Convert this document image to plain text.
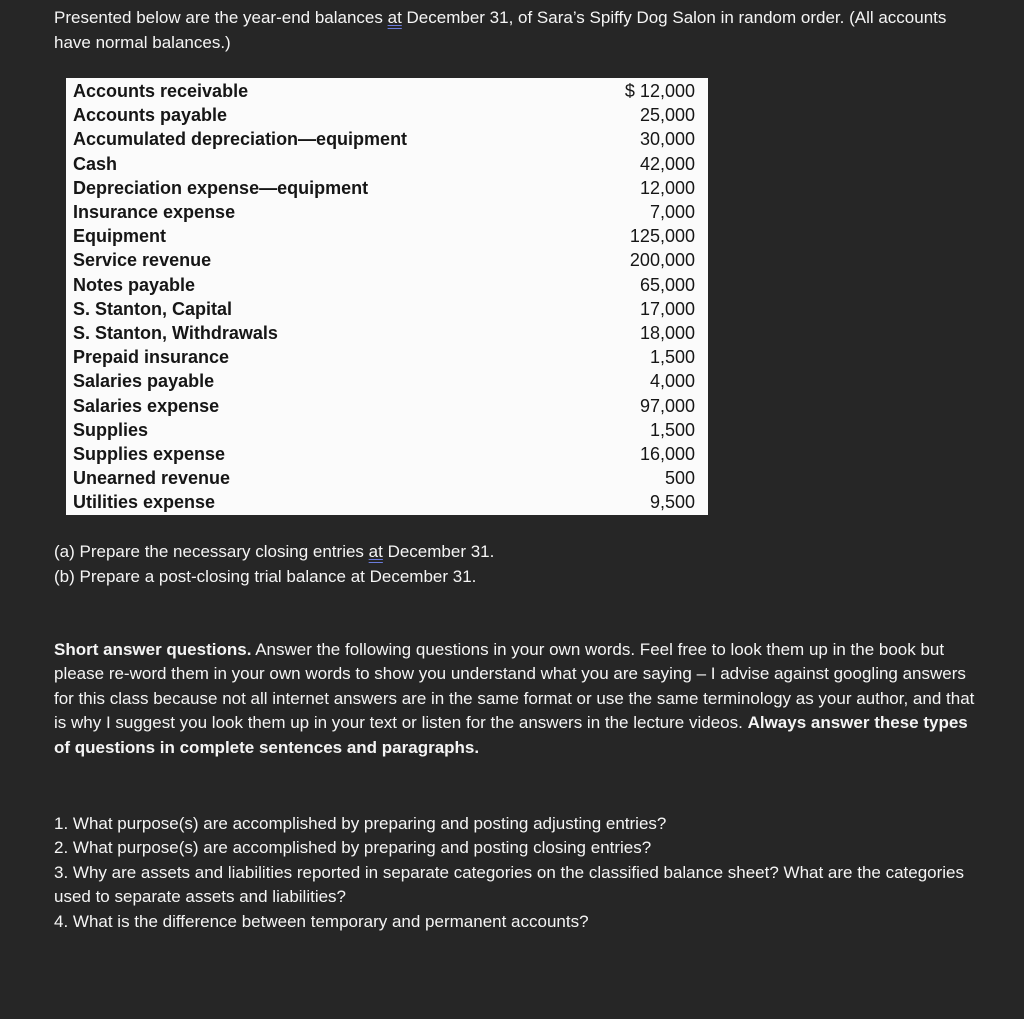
Presented below are the year-end balances at December 31, of Sara’s Spiffy Dog Salon in random order. (All accounts have normal balances.)

Accounts receivable	$ 12,000
Accounts payable	25,000
Accumulated depreciation—equipment	30,000
Cash	42,000
Depreciation expense—equipment	12,000
Insurance expense	7,000
Equipment	125,000
Service revenue	200,000
Notes payable	65,000
S. Stanton, Capital	17,000
S. Stanton, Withdrawals	18,000
Prepaid insurance	1,500
Salaries payable	4,000
Salaries expense	97,000
Supplies	1,500
Supplies expense	16,000
Unearned revenue	500
Utilities expense	9,500

(a) Prepare the necessary closing entries at December 31.

(b) Prepare a post-closing trial balance at December 31.

Short answer questions. Answer the following questions in your own words. Feel free to look them up in the book but please re-word them in your own words to show you understand what you are saying – I advise against googling answers for this class because not all internet answers are in the same format or use the same terminology as your author, and that is why I suggest you look them up in your text or listen for the answers in the lecture videos. Always answer these types of questions in complete sentences and paragraphs.

1. What purpose(s) are accomplished by preparing and posting adjusting entries?

2. What purpose(s) are accomplished by preparing and posting closing entries?

3. Why are assets and liabilities reported in separate categories on the classified balance sheet? What are the categories used to separate assets and liabilities?

4. What is the difference between temporary and permanent accounts?
